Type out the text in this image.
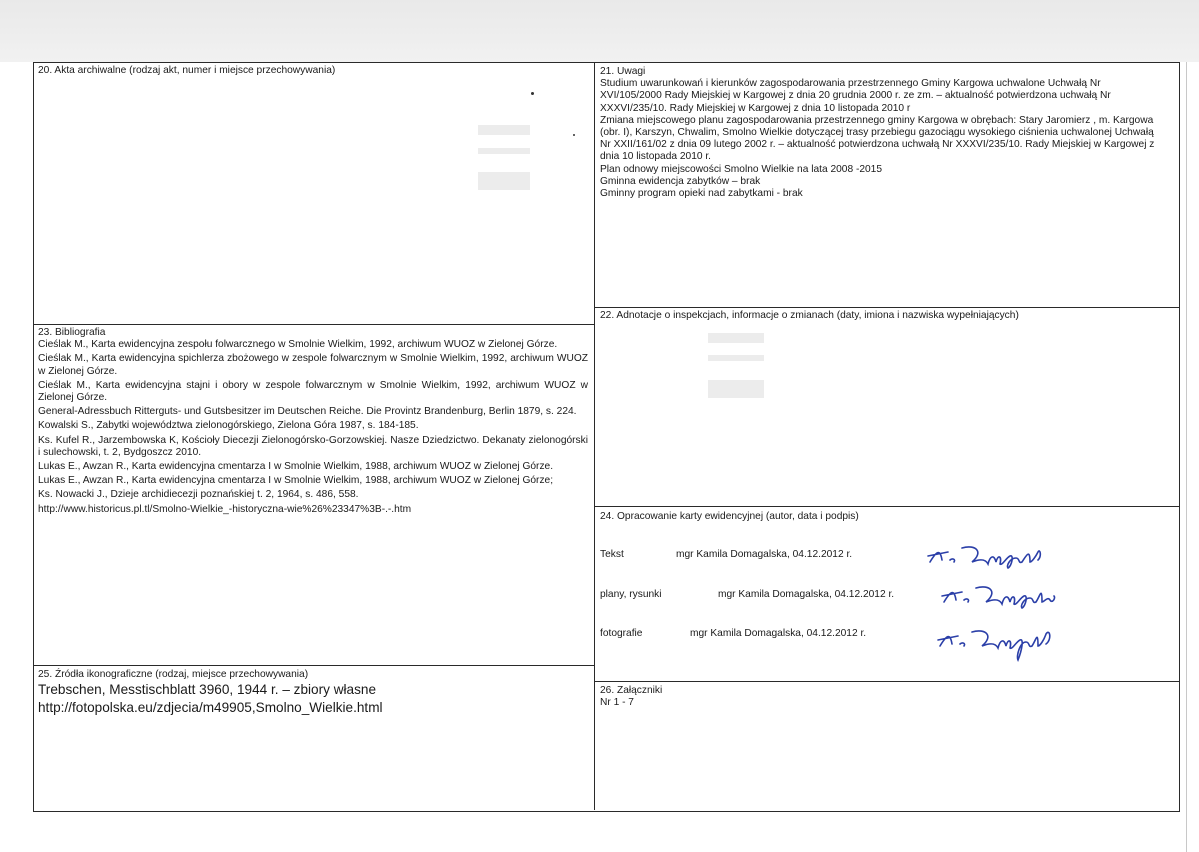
20. Akta archiwalne (rodzaj akt, numer i miejsce przechowywania)	21. Uwagi

Studium uwarunkowań i kierunków zagospodarowania przestrzennego Gminy Kargowa uchwalone Uchwałą Nr XVI/105/2000 Rady Miejskiej w Kargowej z dnia 20 grudnia 2000 r. ze zm. – aktualność potwierdzona uchwałą Nr XXXVI/235/10. Rady Miejskiej w Kargowej z dnia 10 listopada 2010 r

Zmiana miejscowego planu zagospodarowania przestrzennego gminy Kargowa w obrębach: Stary Jaromierz , m. Kargowa (obr. I), Karszyn, Chwalim, Smolno Wielkie dotyczącej trasy przebiegu gazociągu wysokiego ciśnienia uchwalonej Uchwałą Nr XXII/161/02 z dnia 09 lutego 2002 r. – aktualność potwierdzona uchwałą Nr XXXVI/235/10. Rady Miejskiej w Kargowej z dnia 10 listopada 2010 r.

Plan odnowy miejscowości Smolno Wielkie na lata 2008 -2015

Gminna ewidencja zabytków – brak

Gminny program opieki nad zabytkami - brak

22. Adnotacje o inspekcjach, informacje o zmianach (daty, imiona i nazwiska wypełniających)
23. Bibliografia

Cieślak M., Karta ewidencyjna zespołu folwarcznego w Smolnie Wielkim, 1992, archiwum WUOZ w Zielonej Górze.

Cieślak M., Karta ewidencyjna spichlerza zbożowego w zespole folwarcznym w Smolnie Wielkim, 1992, archiwum WUOZ w Zielonej Górze.

Cieślak M., Karta ewidencyjna stajni i obory w zespole folwarcznym w Smolnie Wielkim, 1992, archiwum WUOZ w Zielonej Górze.

General-Adressbuch Ritterguts- und Gutsbesitzer im Deutschen Reiche. Die Provintz Brandenburg, Berlin 1879, s. 224.

Kowalski S., Zabytki województwa zielonogórskiego, Zielona Góra 1987, s. 184-185.

Ks. Kufel R., Jarzembowska K, Kościoły Diecezji Zielonogórsko-Gorzowskiej. Nasze Dziedzictwo. Dekanaty zielonogórski i sulechowski, t. 2, Bydgoszcz 2010.

Lukas E., Awzan R., Karta ewidencyjna cmentarza I w Smolnie Wielkim, 1988, archiwum WUOZ w Zielonej Górze.

Lukas E., Awzan R., Karta ewidencyjna cmentarza I w Smolnie Wielkim, 1988, archiwum WUOZ w Zielonej Górze;

Ks. Nowacki J., Dzieje archidiecezji poznańskiej t. 2, 1964, s. 486, 558.

http://www.historicus.pl.tl/Smolno-Wielkie_-historyczna-wie%26%23347%3B-.-.htm

24. Opracowanie karty ewidencyjnej (autor, data i podpis)
Tekst	mgr Kamila Domagalska, 04.12.2012 r.
plany, rysunki	mgr Kamila Domagalska, 04.12.2012 r.
fotografie	mgr Kamila Domagalska, 04.12.2012 r.
25. Źródła ikonograficzne (rodzaj, miejsce przechowywania)

Trebschen, Messtischblatt 3960, 1944 r. – zbiory własne

http://fotopolska.eu/zdjecia/m49905,Smolno_Wielkie.html

26. Załączniki

Nr 1 - 7
